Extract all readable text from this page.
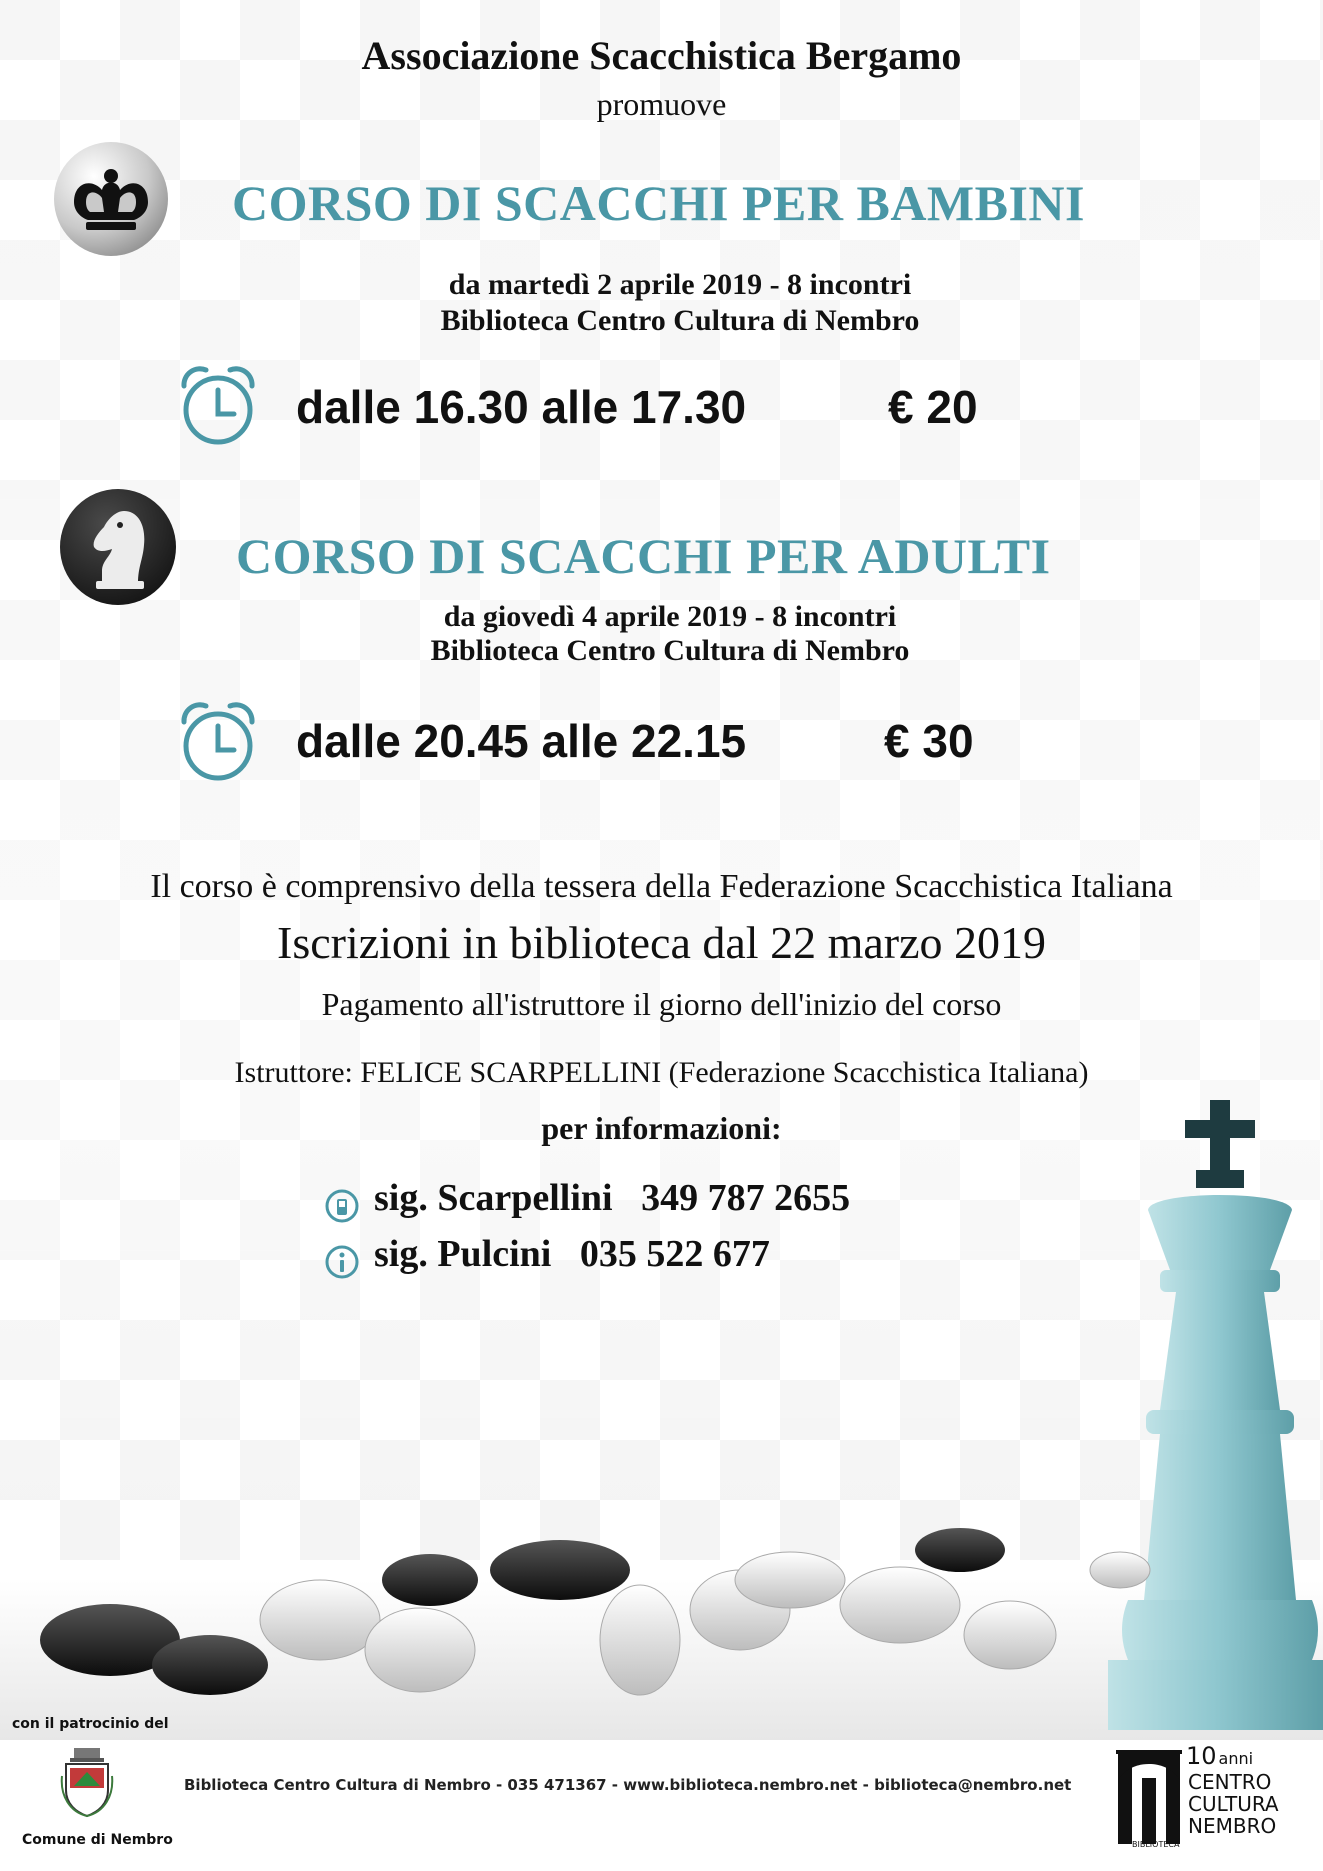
Associazione Scacchistica Bergamo
promuove
CORSO DI SCACCHI PER BAMBINI
da martedì 2 aprile 2019 - 8 incontri
Biblioteca Centro Cultura di Nembro
dalle 16.30 alle 17.30	€ 20
CORSO DI SCACCHI PER ADULTI
da giovedì 4 aprile 2019 - 8 incontri
Biblioteca Centro Cultura di Nembro
dalle 20.45 alle 22.15	€ 30
Il corso è comprensivo della tessera della Federazione Scacchistica Italiana
Iscrizioni in biblioteca dal 22 marzo 2019
Pagamento all'istruttore il giorno dell'inizio del corso
Istruttore: FELICE SCARPELLINI (Federazione Scacchistica Italiana)
per informazioni:
sig. Scarpellini 349 787 2655
sig. Pulcini 035 522 677
con il patrocinio del
Comune di Nembro
Biblioteca Centro Cultura di Nembro - 035 471367 - www.biblioteca.nembro.net - biblioteca@nembro.net
BIBLIOTECA
10 anni
CENTRO
CULTURA
NEMBRO
